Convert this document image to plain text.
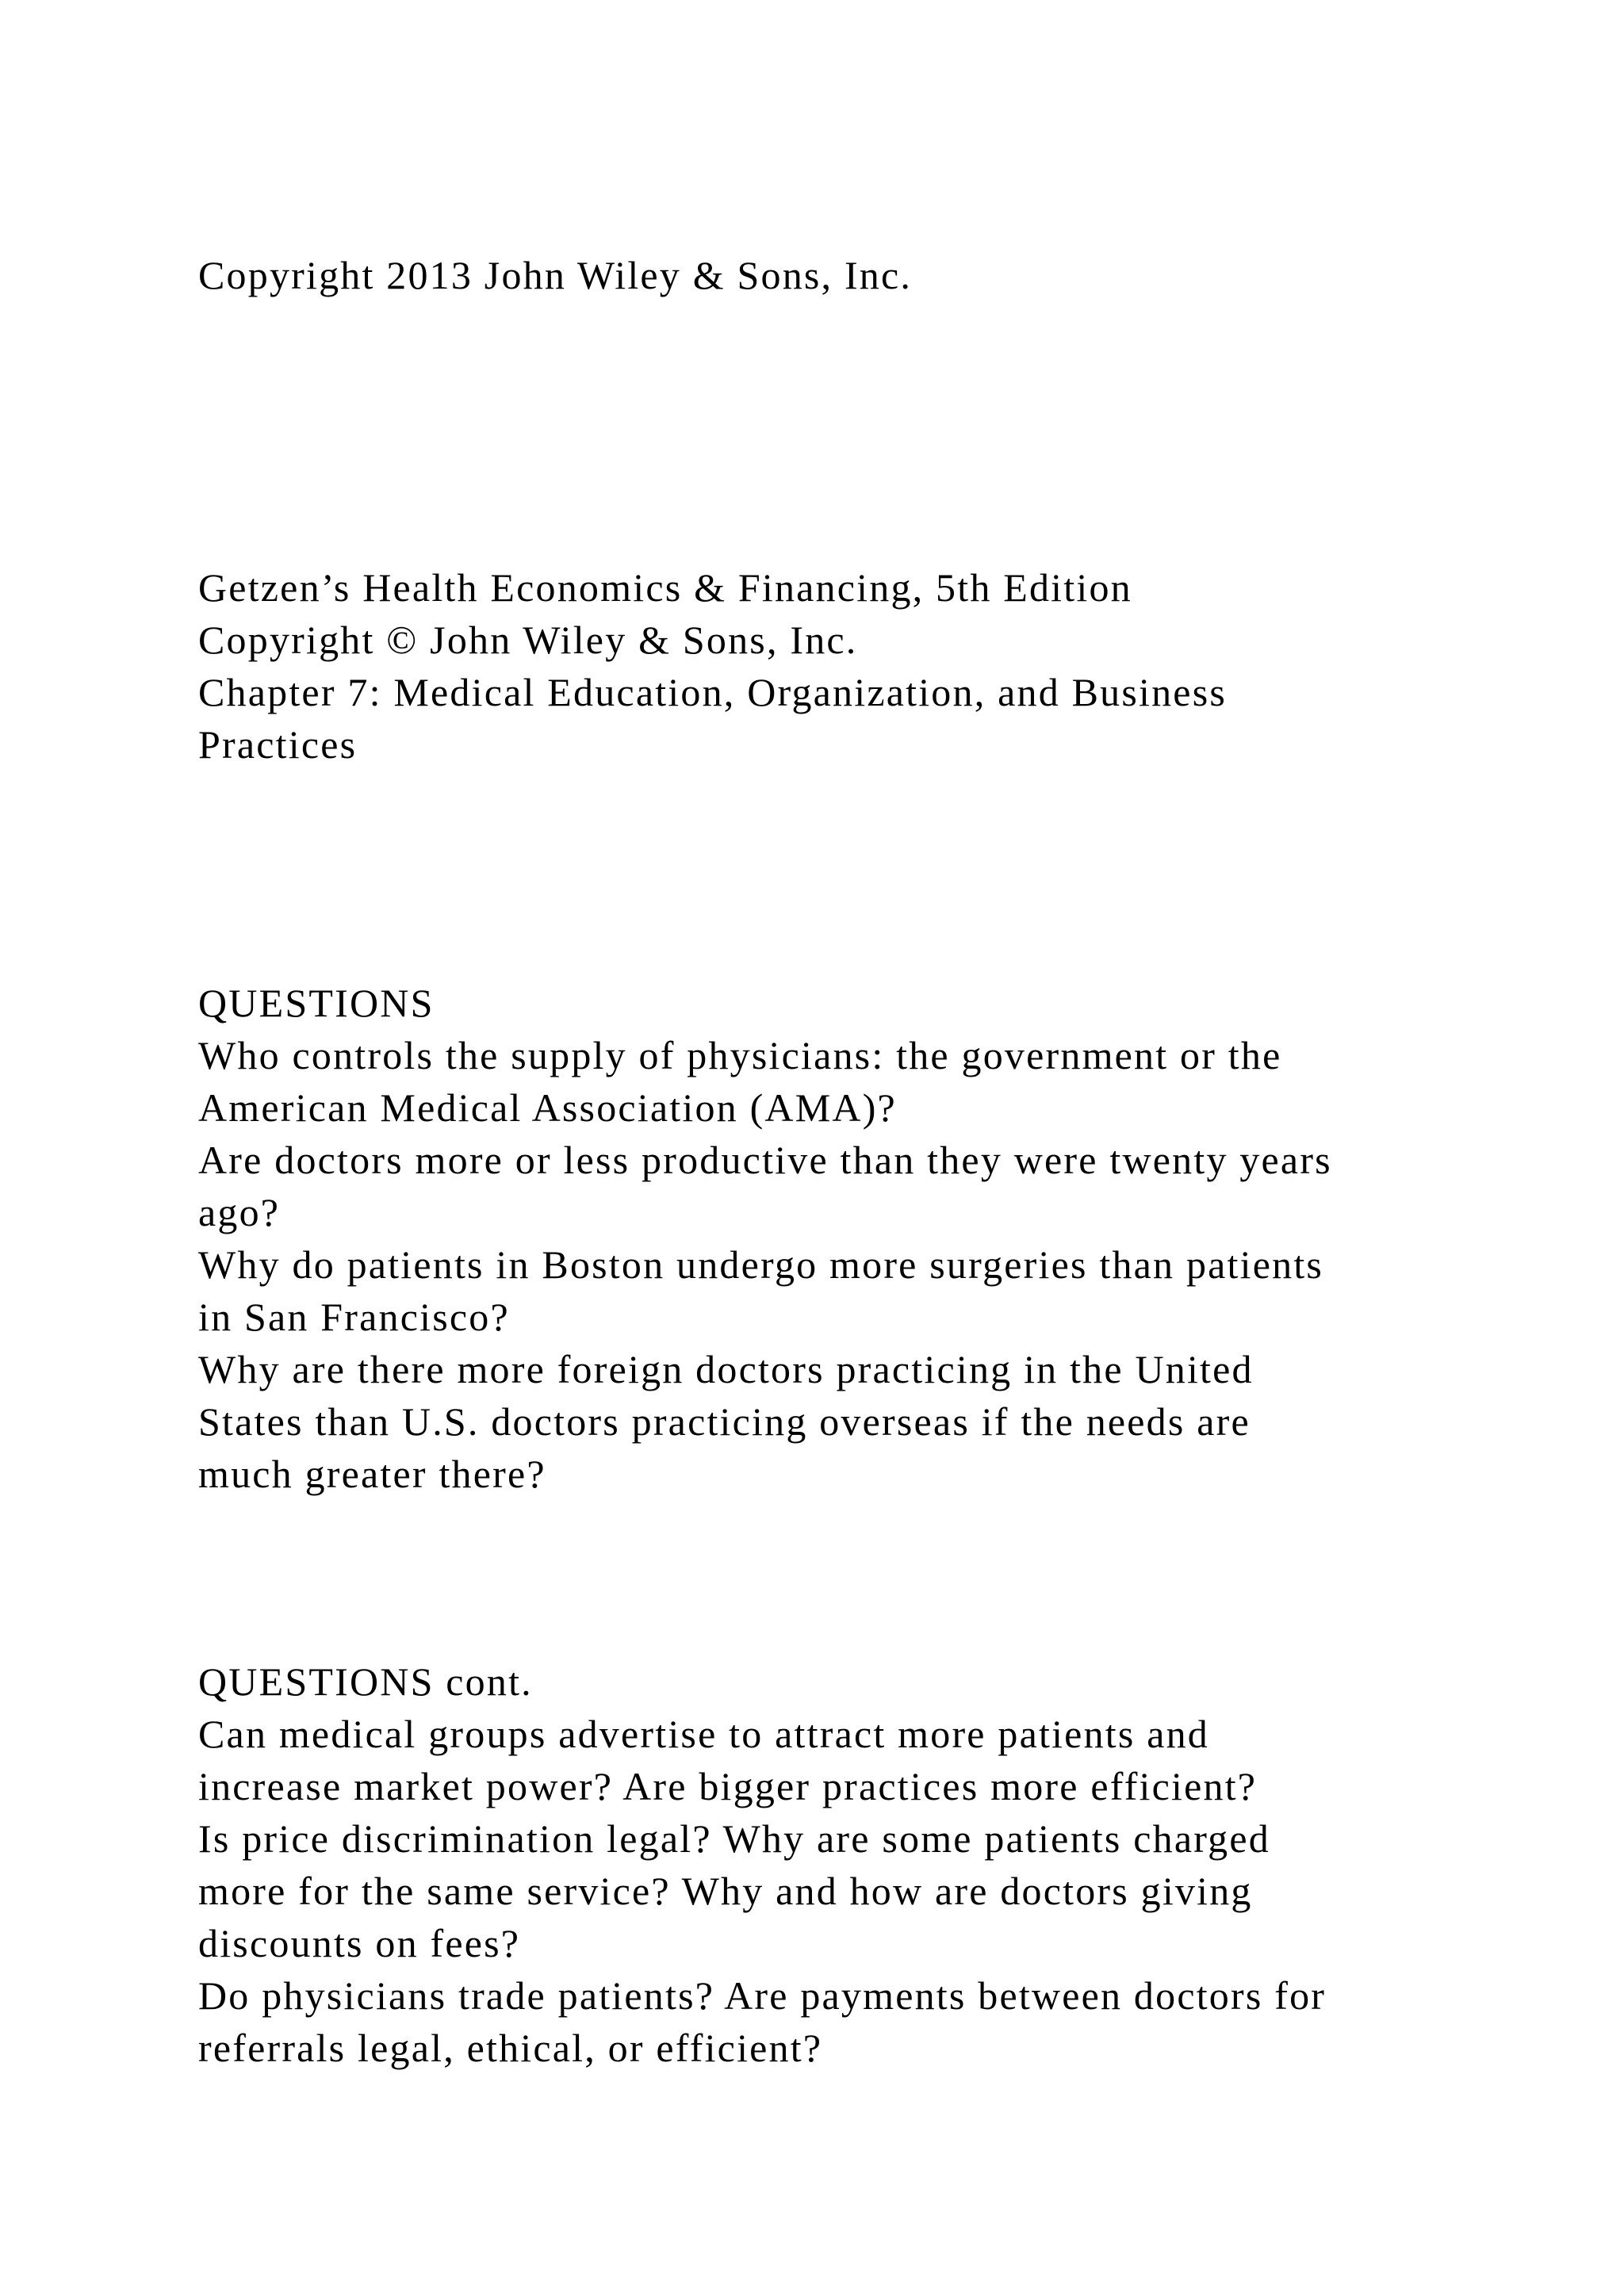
Copyright 2013 John Wiley & Sons, Inc.

Getzen’s Health Economics & Financing, 5th Edition

Copyright © John Wiley & Sons, Inc.

Chapter 7: Medical Education, Organization, and Business

Practices

QUESTIONS

Who controls the supply of physicians: the government or the

American Medical Association (AMA)?

Are doctors more or less productive than they were twenty years

ago?

Why do patients in Boston undergo more surgeries than patients

in San Francisco?

Why are there more foreign doctors practicing in the United

States than U.S. doctors practicing overseas if the needs are

much greater there?

QUESTIONS cont.

Can medical groups advertise to attract more patients and

increase market power? Are bigger practices more efficient?

Is price discrimination legal? Why are some patients charged

more for the same service? Why and how are doctors giving

discounts on fees?

Do physicians trade patients? Are payments between doctors for

referrals legal, ethical, or efficient?
